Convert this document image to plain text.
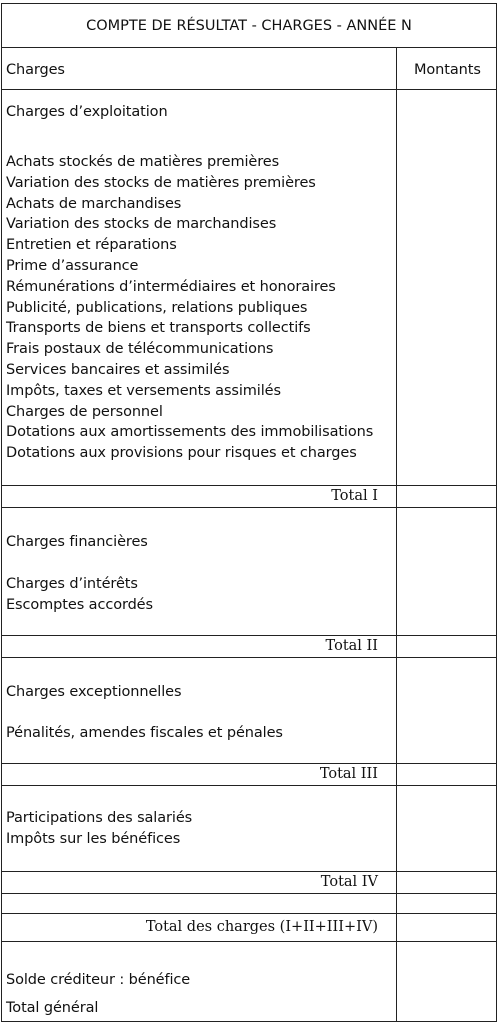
COMPTE DE RÉSULTAT - CHARGES - ANNÉE N
Charges	Montants
Charges d’exploitation
Achats stockés de matières premières
Variation des stocks de matières premières
Achats de marchandises
Variation des stocks de marchandises
Entretien et réparations
Prime d’assurance
Rémunérations d’intermédiaires et honoraires
Publicité, publications, relations publiques
Transports de biens et transports collectifs
Frais postaux de télécommunications
Services bancaires et assimilés
Impôts, taxes et versements assimilés
Charges de personnel
Dotations aux amortissements des immobilisations
Dotations aux provisions pour risques et charges
Total I
Charges financières
Charges d’intérêts
Escomptes accordés
Total II
Charges exceptionnelles
Pénalités, amendes fiscales et pénales
Total III
Participations des salariés
Impôts sur les bénéfices
Total IV
Total des charges (I+II+III+IV)
Solde créditeur : bénéfice
Total général
